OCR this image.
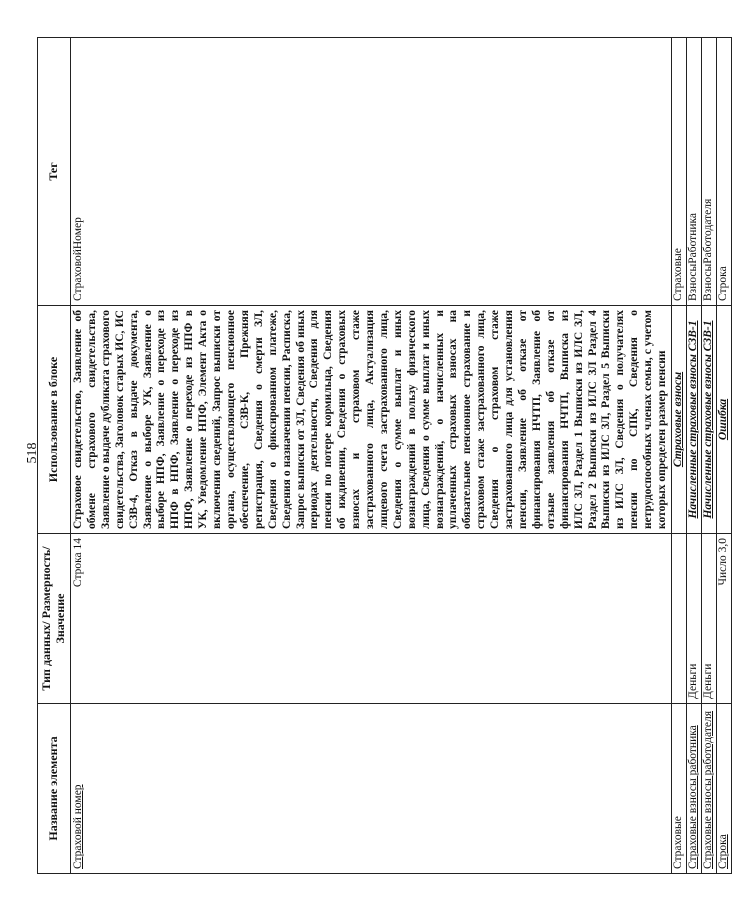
518
Название элемента	Тип данных/ Размерность/ Значение	Использование в блоке	Тег
Страховой номер	Строка 14	Страховое свидетельство, Заявление об обмене страхового свидетельства, Заявление о выдаче дубликата страхового свидетельства, Заголовок старых ИС, ИС СЗВ-4, Отказ в выдаче документа, Заявление о выборе УК, Заявление о выборе НПФ, Заявление о переходе из НПФ в НПФ, Заявление о переходе из НПФ, Заявление о переходе из НПФ в УК, Уведомление НПФ, Элемент Акта о включении сведений, Запрос выписки от органа, осуществляющего пенсионное обеспечение, СЗВ-К, Прежняя регистрация, Сведения о смерти ЗЛ, Сведения о фиксированном платеже, Сведения о назначении пенсии, Расписка, Запрос выписки от ЗЛ, Сведения об иных периодах деятельности, Сведения для пенсии по потере кормильца, Сведения об иждивении, Сведения о страховых взносах и страховом стаже застрахованного лица, Актуализация лицевого счета застрахованного лица, Сведения о сумме выплат и иных вознаграждений в пользу физического лица, Сведения о сумме выплат и иных вознаграждений, о начисленных и уплаченных страховых взносах на обязательное пенсионное страхование и страховом стаже застрахованного лица, Сведения о страховом стаже застрахованного лица для установления пенсии, Заявление об отказе от финансирования НЧТП, Заявление об отзыве заявления об отказе от финансирования НЧТП, Выписка из ИЛС ЗЛ, Раздел 1 Выписки из ИЛС ЗЛ, Раздел 2 Выписки из ИЛС ЗЛ Раздел 4 Выписки из ИЛС ЗЛ, Раздел 5 Выписки из ИЛС ЗЛ, Сведения о получателях пенсии по СПК, Сведения о нетрудоспособных членах семьи, с учетом которых определен размер пенсии	СтраховойНомер
Страховые		Страховые взносы	Страховые
Страховые взносы работника	Деньги	Начисленные страховые взносы СЗВ-1	ВзносыРаботника
Страховые взносы работодателя	Деньги	Начисленные страховые взносы СЗВ-1	ВзносыРаботодателя
Строка	Число 3,0	Ошибка	Строка
